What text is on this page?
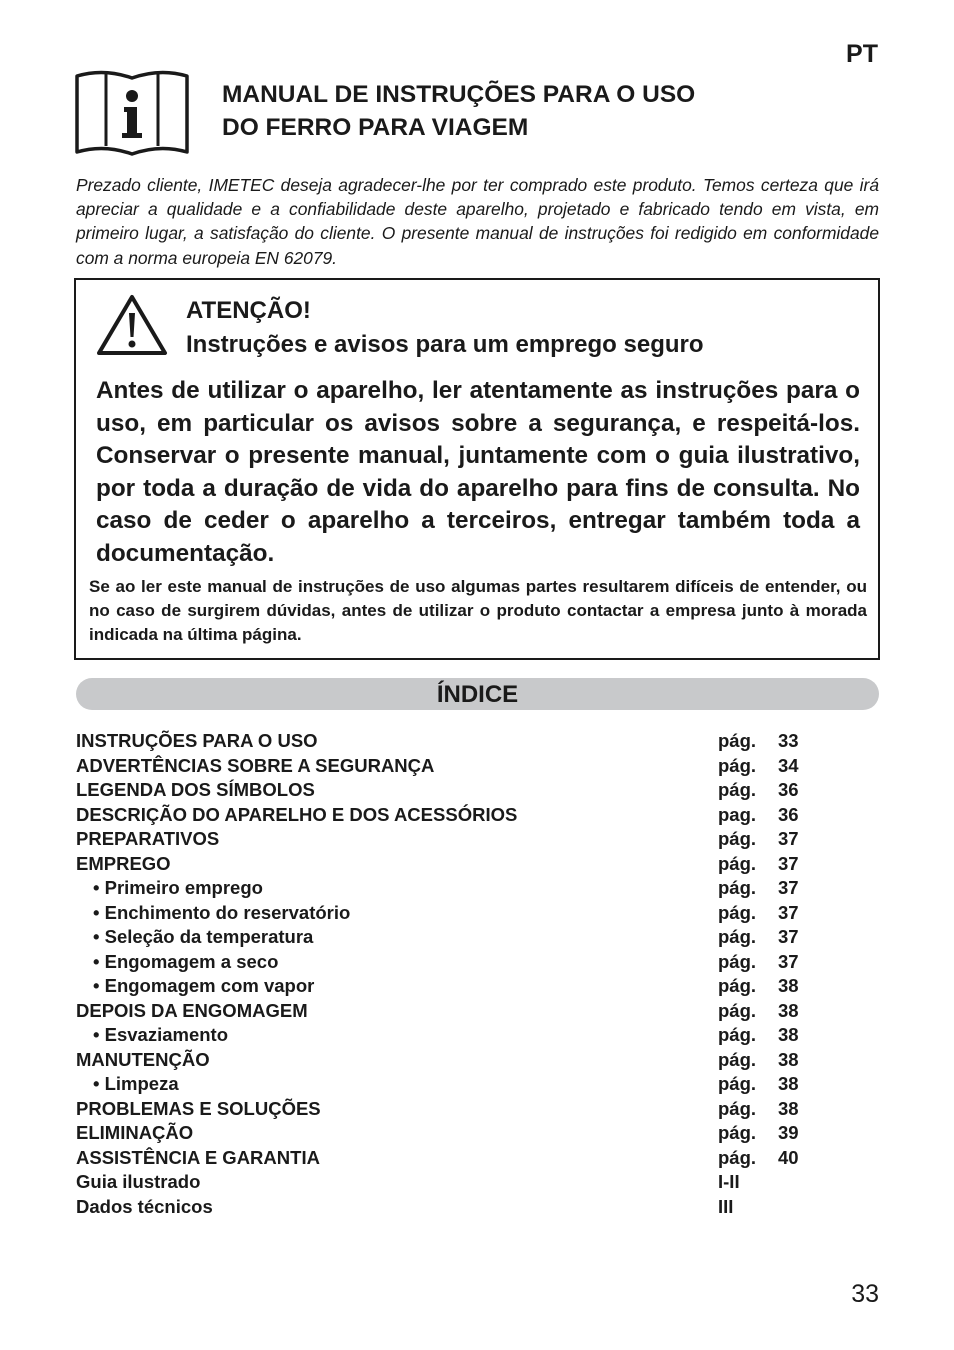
PT
MANUAL DE INSTRUÇÕES PARA O USO
DO FERRO PARA VIAGEM

Prezado cliente, IMETEC deseja agradecer-lhe por ter comprado este produto. Temos certeza que irá apreciar a qualidade e a confiabilidade deste aparelho, projetado e fabricado tendo em vista, em primeiro lugar, a satisfação do cliente. O presente manual de instruções foi redigido em conformidade com a norma europeia EN 62079.

ATENÇÃO!
Instruções e avisos para um emprego seguro

Antes de utilizar o aparelho, ler atentamente as instruções para o uso, em particular os avisos sobre a segurança, e respeitá-los. Conservar o presente manual, juntamente com o guia ilustrativo, por toda a duração de vida do aparelho para fins de consulta. No caso de ceder o aparelho a terceiros, entregar também toda a documentação.

Se ao ler este manual de instruções de uso algumas partes resultarem difíceis de entender, ou no caso de surgirem dúvidas, antes de utilizar o produto contactar a empresa junto à morada indicada na última página.

ÍNDICE
INSTRUÇÕES PARA O USO	pág. 33
ADVERTÊNCIAS SOBRE A SEGURANÇA	pág. 34
LEGENDA DOS SÍMBOLOS	pág. 36
DESCRIÇÃO DO APARELHO E DOS ACESSÓRIOS	pag. 36
PREPARATIVOS	pág. 37
EMPREGO	pág. 37
• Primeiro emprego	pág. 37
• Enchimento do reservatório	pág. 37
• Seleção da temperatura	pág. 37
• Engomagem a seco	pág. 37
• Engomagem com vapor	pág. 38
DEPOIS DA ENGOMAGEM	pág. 38
• Esvaziamento	pág. 38
MANUTENÇÃO	pág. 38
• Limpeza	pág. 38
PROBLEMAS E SOLUÇÕES	pág. 38
ELIMINAÇÃO	pág. 39
ASSISTÊNCIA E GARANTIA	pág. 40
Guia ilustrado	I-II
Dados técnicos	III
33
